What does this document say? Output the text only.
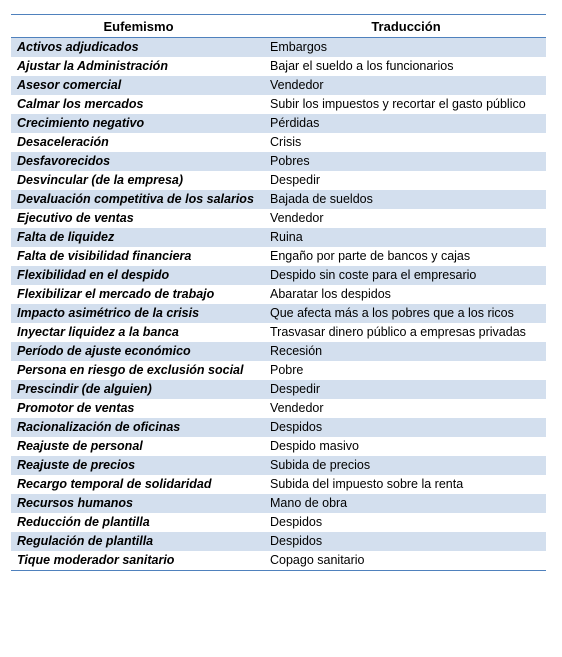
Eufemismo	Traducción
Activos adjudicados	Embargos
Ajustar la Administración	Bajar el sueldo a los funcionarios
Asesor comercial	Vendedor
Calmar los mercados	Subir los impuestos y recortar el gasto público
Crecimiento negativo	Pérdidas
Desaceleración	Crisis
Desfavorecidos	Pobres
Desvincular (de la empresa)	Despedir
Devaluación competitiva de los salarios	Bajada de sueldos
Ejecutivo de ventas	Vendedor
Falta de liquidez	Ruina
Falta de visibilidad financiera	Engaño por parte de bancos y cajas
Flexibilidad en el despido	Despido sin coste para el empresario
Flexibilizar el mercado de trabajo	Abaratar los despidos
Impacto asimétrico de la crisis	Que afecta más a los pobres que a los ricos
Inyectar liquidez a la banca	Trasvasar dinero público a empresas privadas
Período de ajuste económico	Recesión
Persona en riesgo de exclusión social	Pobre
Prescindir (de alguien)	Despedir
Promotor de ventas	Vendedor
Racionalización de oficinas	Despidos
Reajuste de personal	Despido masivo
Reajuste de precios	Subida de precios
Recargo temporal de solidaridad	Subida del impuesto sobre la renta
Recursos humanos	Mano de obra
Reducción de plantilla	Despidos
Regulación de plantilla	Despidos
Tique moderador sanitario	Copago sanitario
